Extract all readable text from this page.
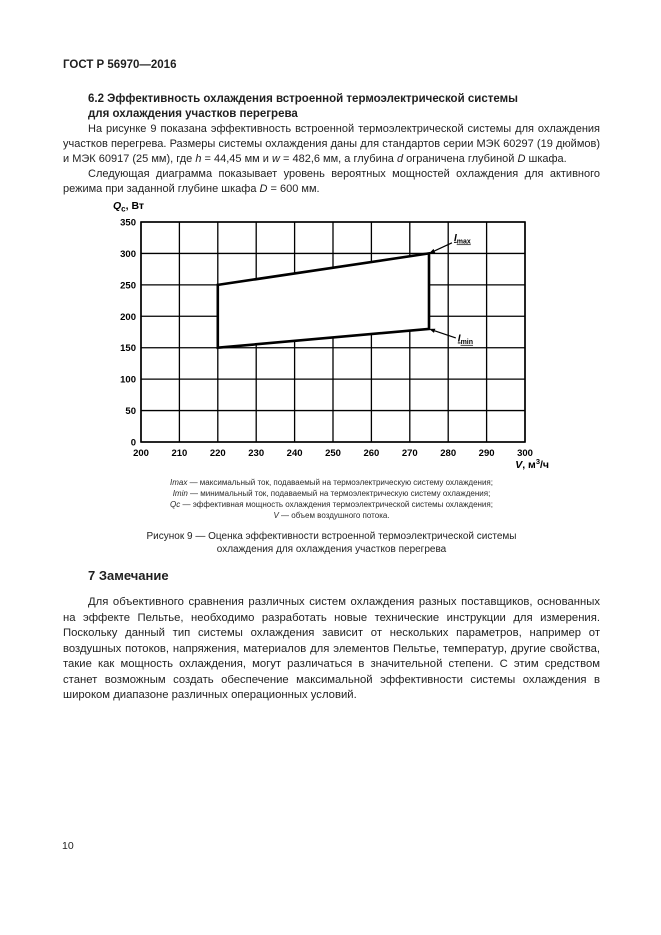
ГОСТ Р 56970—2016
6.2 Эффективность охлаждения встроенной термоэлектрической системы
для охлаждения участков перегрева
На рисунке 9 показана эффективность встроенной термоэлектрической системы для охлаждения участков перегрева. Размеры системы охлаждения даны для стандартов серии МЭК 60297 (19 дюймов) и МЭК 60917 (25 мм), где h = 44,45 мм и w = 482,6 мм, а глубина d ограничена глубиной D шкафа.
Следующая диаграмма показывает уровень вероятных мощностей охлаждения для активного режима при заданной глубине шкафа D = 600 мм.
0
50
100
150
200
250
300
350
200 210 220 230 240 250 260 270 280 290 300
$Q_c$, Вт
V, $м^3/ч$
$I_{max}$
$I_{min}$
Imax — максимальный ток, подаваемый на термоэлектрическую систему охлаждения;
Imin — минимальный ток, подаваемый на термоэлектрическую систему охлаждения;
Qc — эффективная мощность охлаждения термоэлектрической системы охлаждения;
V — объем воздушного потока.
Рисунок 9 — Оценка эффективности встроенной термоэлектрической системы
охлаждения для охлаждения участков перегрева
7 Замечание
Для объективного сравнения различных систем охлаждения разных поставщиков, основанных на эффекте Пельтье, необходимо разработать новые технические инструкции для измерения. Поскольку данный тип системы охлаждения зависит от нескольких параметров, например от воздушных потоков, напряжения, материалов для элементов Пельтье, температур, другие свойства, такие как мощность охлаждения, могут различаться в значительной степени. С этим средством станет возможным создать обеспечение максимальной эффективности системы охлаждения в широком диапазоне различных операционных условий.
10
